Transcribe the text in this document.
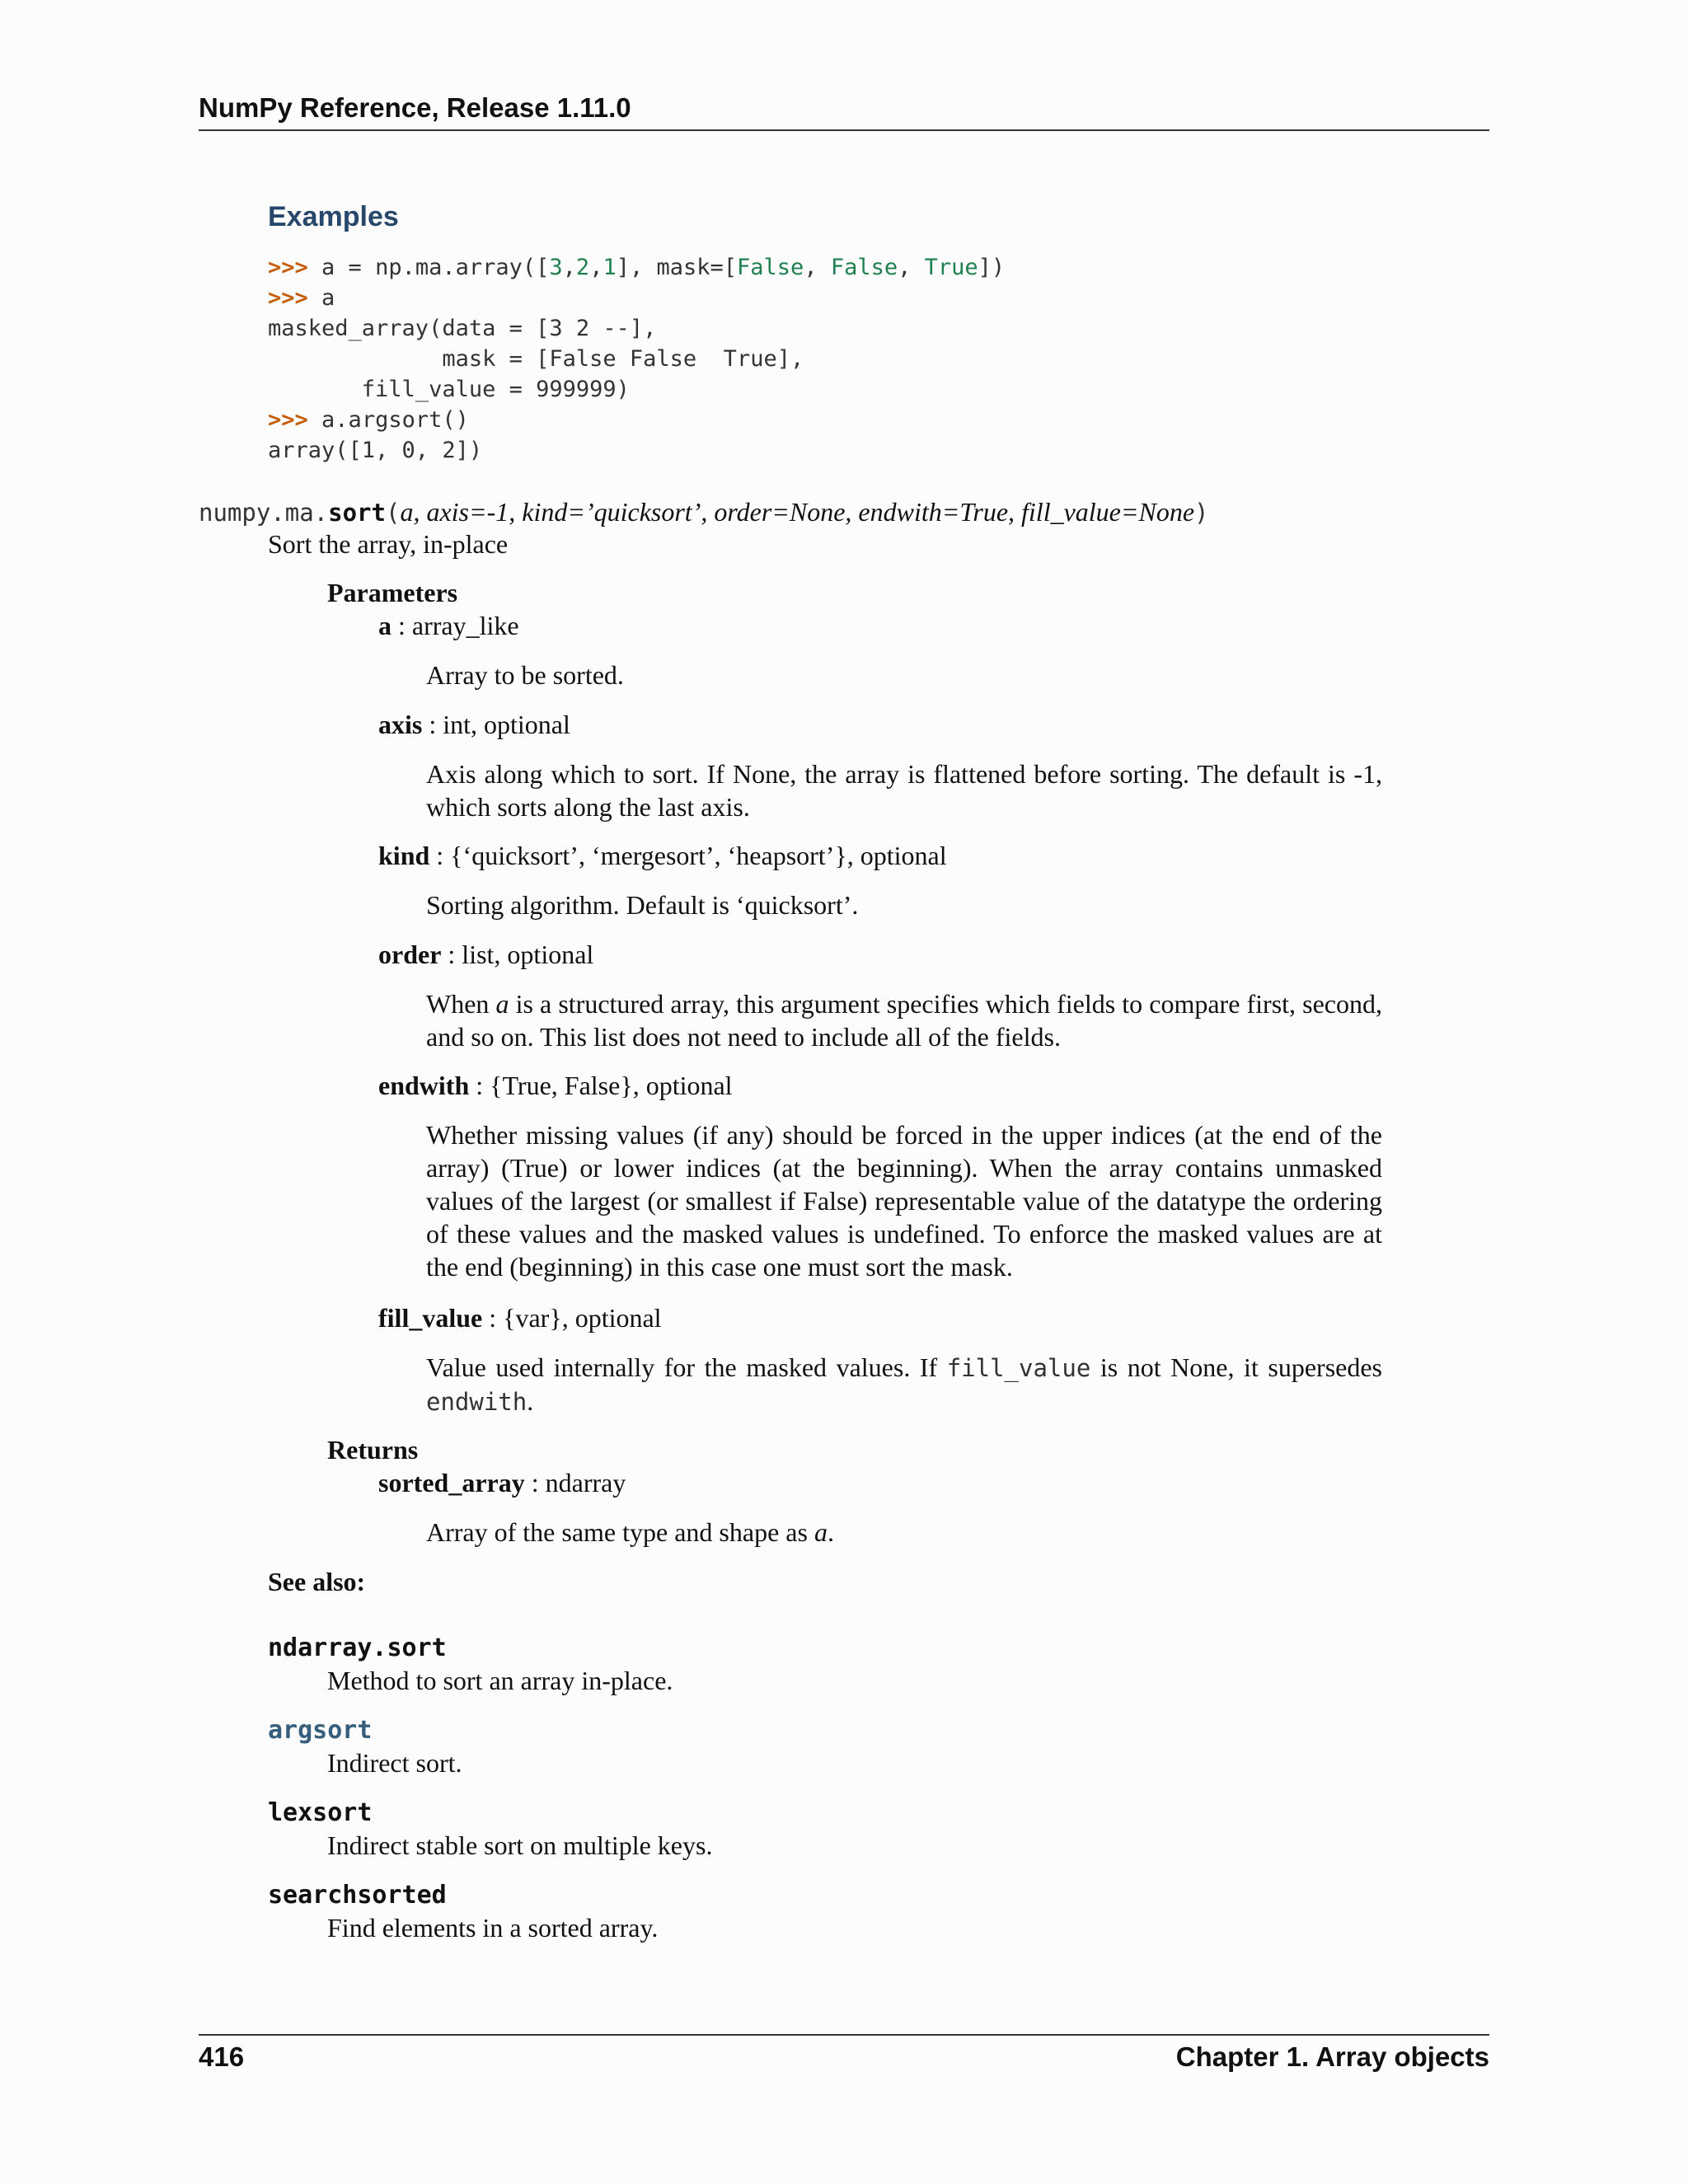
NumPy Reference, Release 1.11.0
Examples
>>> a = np.ma.array([3,2,1], mask=[False, False, True])
>>> a
masked_array(data = [3 2 --],
mask = [False False  True],
fill_value = 999999)
>>> a.argsort()
array([1, 0, 2])
numpy.ma.sort(a, axis=-1, kind=’quicksort’, order=None, endwith=True, fill_value=None)
Sort the array, in-place
Parameters
a : array_like
Array to be sorted.
axis : int, optional
Axis along which to sort. If None, the array is flattened before sorting. The default is -1, which sorts along the last axis.
kind : {‘quicksort’, ‘mergesort’, ‘heapsort’}, optional
Sorting algorithm. Default is ‘quicksort’.
order : list, optional
When a is a structured array, this argument specifies which fields to compare first, second, and so on. This list does not need to include all of the fields.
endwith : {True, False}, optional
Whether missing values (if any) should be forced in the upper indices (at the end of the array) (True) or lower indices (at the beginning). When the array contains unmasked values of the largest (or smallest if False) representable value of the datatype the ordering of these values and the masked values is undefined. To enforce the masked values are at the end (beginning) in this case one must sort the mask.
fill_value : {var}, optional
Value used internally for the masked values. If fill_value is not None, it supersedes endwith.
Returns
sorted_array : ndarray
Array of the same type and shape as a.
See also:
ndarray.sort
Method to sort an array in-place.
argsort
Indirect sort.
lexsort
Indirect stable sort on multiple keys.
searchsorted
Find elements in a sorted array.
416	Chapter 1. Array objects
